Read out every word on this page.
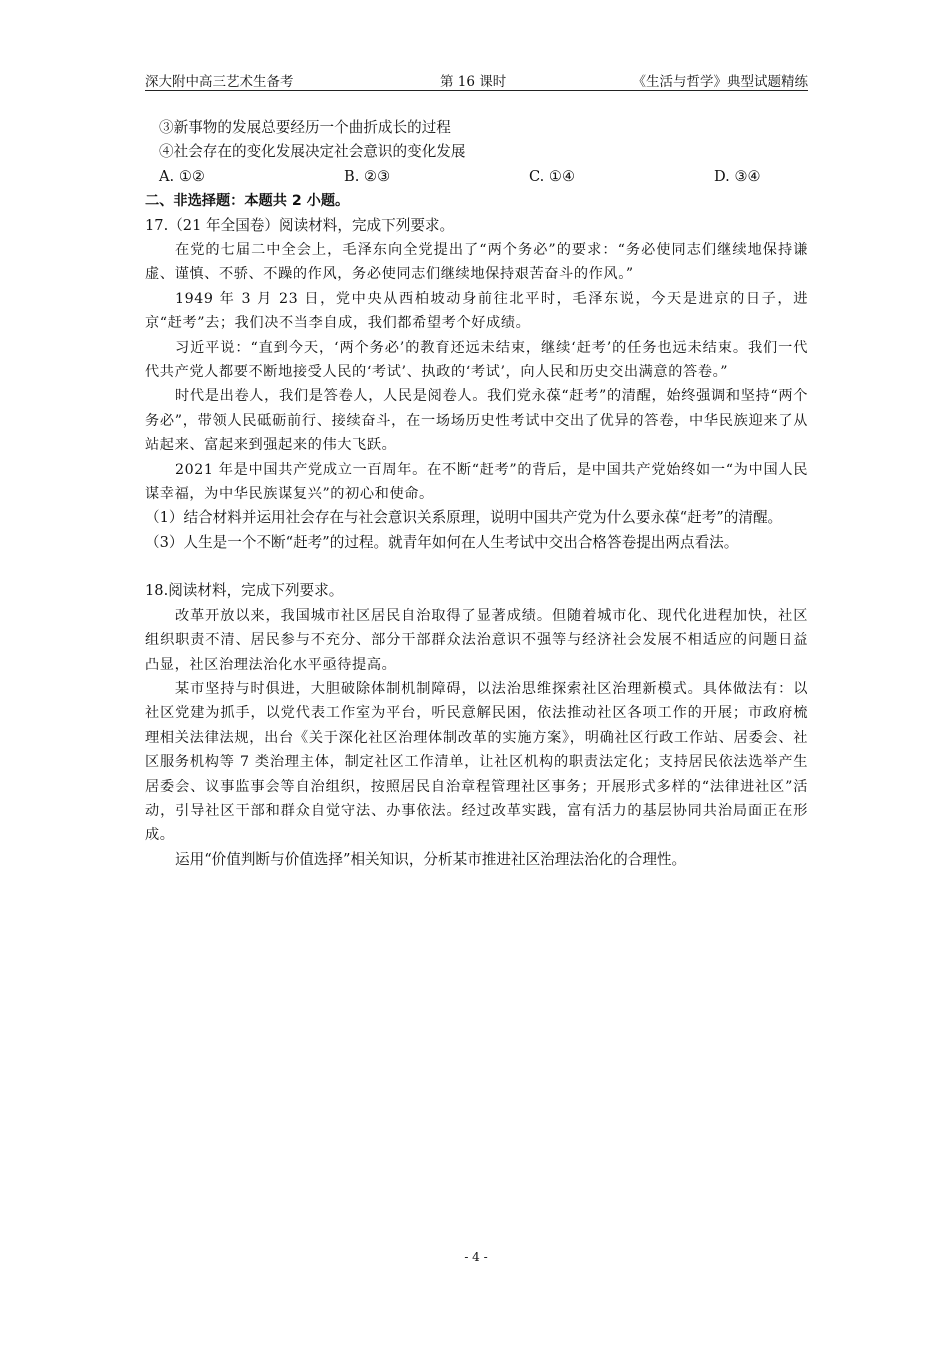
深大附中高三艺术生备考	第 16 课时	《生活与哲学》典型试题精练

③新事物的发展总要经历一个曲折成长的过程

④社会存在的变化发展决定社会意识的变化发展

A. ①②	B. ②③	C. ①④	D. ③④

二、非选择题：本题共 2 小题。

17.（21 年全国卷）阅读材料，完成下列要求。

在党的七届二中全会上，毛泽东向全党提出了“两个务必”的要求：“务必使同志们继续地保持谦虚、谨慎、不骄、不躁的作风，务必使同志们继续地保持艰苦奋斗的作风。”

1949 年 3 月 23 日，党中央从西柏坡动身前往北平时，毛泽东说，今天是进京的日子，进京“赶考”去；我们决不当李自成，我们都希望考个好成绩。

习近平说：“直到今天，‘两个务必’的教育还远未结束，继续‘赶考’的任务也远未结束。我们一代代共产党人都要不断地接受人民的‘考试’、执政的‘考试’，向人民和历史交出满意的答卷。”

时代是出卷人，我们是答卷人，人民是阅卷人。我们党永葆“赶考”的清醒，始终强调和坚持“两个务必”，带领人民砥砺前行、接续奋斗，在一场场历史性考试中交出了优异的答卷，中华民族迎来了从站起来、富起来到强起来的伟大飞跃。

2021 年是中国共产党成立一百周年。在不断“赶考”的背后，是中国共产党始终如一“为中国人民谋幸福，为中华民族谋复兴”的初心和使命。

（1）结合材料并运用社会存在与社会意识关系原理，说明中国共产党为什么要永葆“赶考”的清醒。

（3）人生是一个不断“赶考”的过程。就青年如何在人生考试中交出合格答卷提出两点看法。

18.阅读材料，完成下列要求。

改革开放以来，我国城市社区居民自治取得了显著成绩。但随着城市化、现代化进程加快，社区组织职责不清、居民参与不充分、部分干部群众法治意识不强等与经济社会发展不相适应的问题日益凸显，社区治理法治化水平亟待提高。

某市坚持与时俱进，大胆破除体制机制障碍，以法治思维探索社区治理新模式。具体做法有：以社区党建为抓手，以党代表工作室为平台，听民意解民困，依法推动社区各项工作的开展；市政府梳理相关法律法规，出台《关于深化社区治理体制改革的实施方案》，明确社区行政工作站、居委会、社区服务机构等 7 类治理主体，制定社区工作清单，让社区机构的职责法定化；支持居民依法选举产生居委会、议事监事会等自治组织，按照居民自治章程管理社区事务；开展形式多样的“法律进社区”活动，引导社区干部和群众自觉守法、办事依法。经过改革实践，富有活力的基层协同共治局面正在形成。

运用“价值判断与价值选择”相关知识，分析某市推进社区治理法治化的合理性。

- 4 -
